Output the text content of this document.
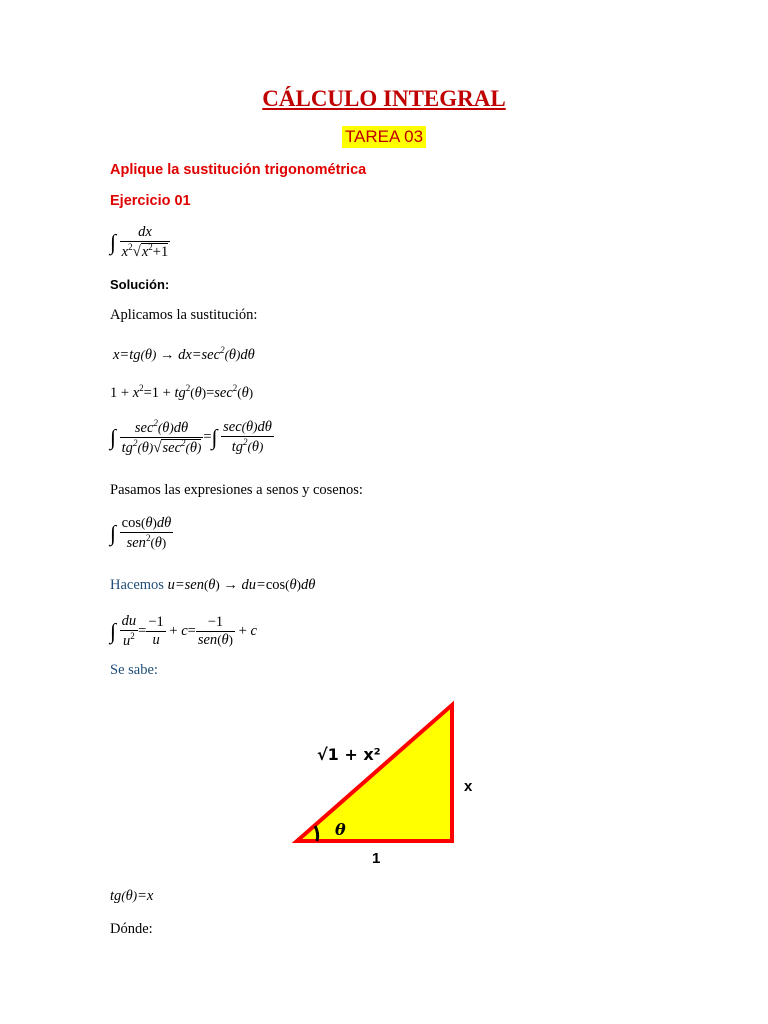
CÁLCULO INTEGRAL
TAREA 03
Aplique la sustitución trigonométrica
Ejercicio 01
∫ $\frac{dx}{x^2√x^2+1}$
Solución:
Aplicamos la sustitución:
$x=tg(\theta) \to dx=\sec^2(\theta)d\theta$
$1 + x^2=1 + tg^2(\theta)=\sec^2(\theta)$
∫ $\frac{\sec^2(\theta)d\theta}{tg^2(\theta)√\sec^2(\theta)}$ =∫ $\frac{\sec(\theta)d\theta}{tg^2(\theta)}$
Pasamos las expresiones a senos y cosenos:
∫ $\frac{\cos(\theta)d\theta}{sen^2(\theta)}$
Hacemos u=sen(θ) → du=cos(θ)dθ
∫ $\frac{du}{u^2} = \frac{-1}{u} + c= \frac{-1}{\text{sen(θ)}} + c$
Se sabe:
θ
x
1
√1 + x²
tg(θ)=x
Dónde:
